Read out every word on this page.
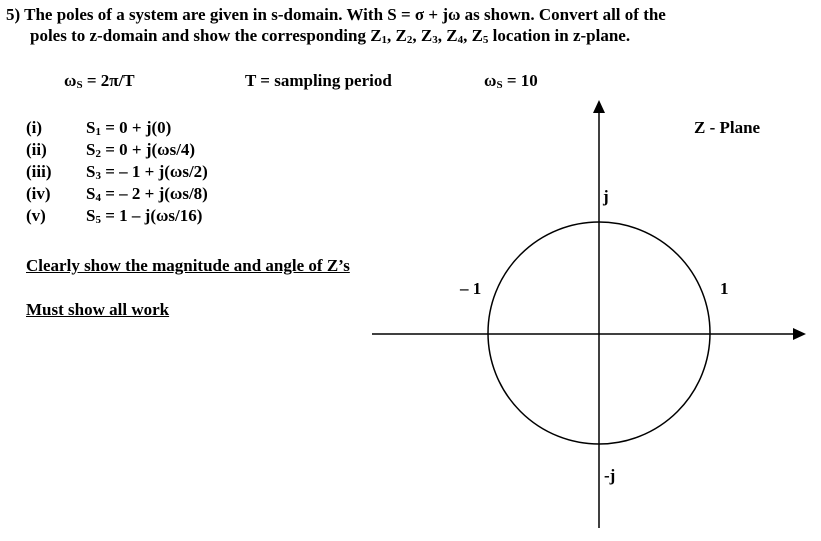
5) The poles of a system are given in s-domain. With S = σ + jω as shown. Convert all of the
poles to z-domain and show the corresponding $Z_1$, $Z_2$, $Z_3$, $Z_4$, $Z_5$ location in z-plane.
$\omega_S = 2\pi/T$	T = sampling period	$\omega_S = 10$
(i)	$S_1 = 0 + j(0)$
(ii) $S_2 = 0 + j(\omega s/4)$
(iii) $S_3$ = – 1 + j(ωs/2)
(iv) $S_4$ = – 2 + j(ωs/8)
(v) $S_5 = 1 - j(\omega s/16)$
Clearly show the magnitude and angle of Z’s
Must show all work
Z - Plane
j
-j
– 1	1
